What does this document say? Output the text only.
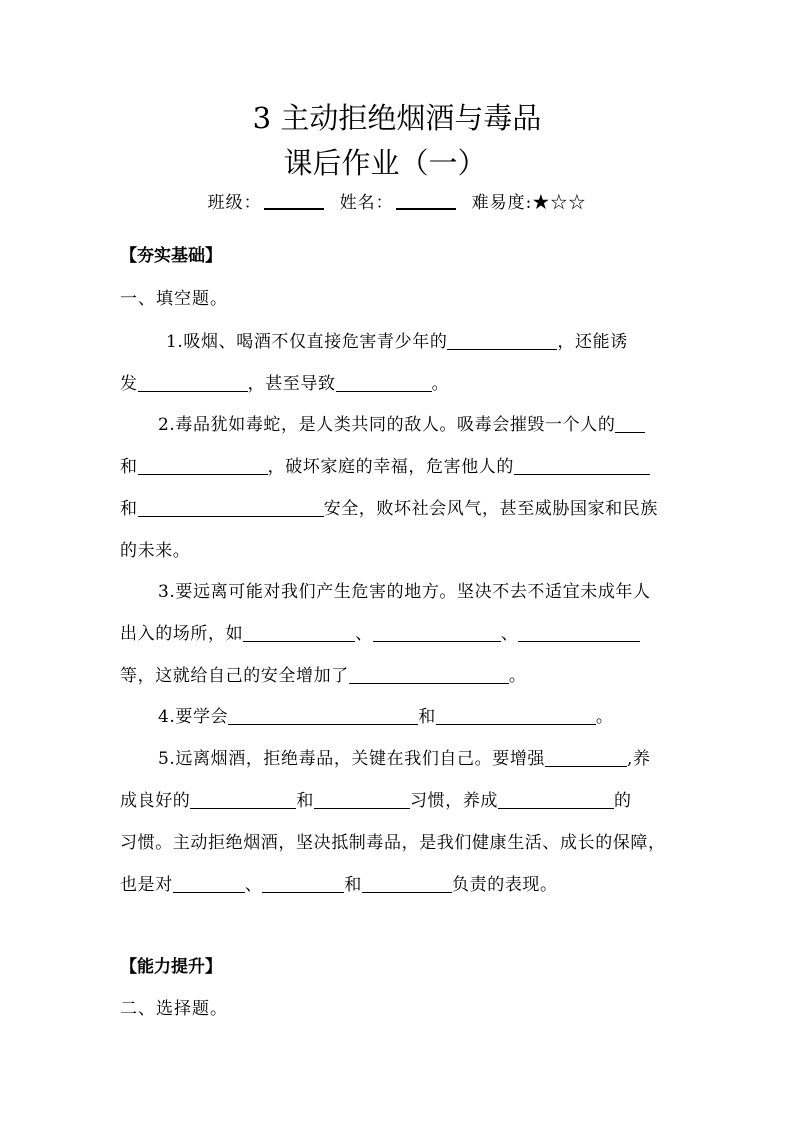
3 主动拒绝烟酒与毒品
课后作业（一）
班级：	姓名：	难易度:★☆☆
【夯实基础】
一、填空题。
1.吸烟、喝酒不仅直接危害青少年的	，还能诱
发	，甚至导致	。
2.毒品犹如毒蛇，是人类共同的敌人。吸毒会摧毁一个人的
和	，破坏家庭的幸福，危害他人的
和	安全，败坏社会风气，甚至威胁国家和民族
的未来。
3.要远离可能对我们产生危害的地方。坚决不去不适宜未成年人
出入的场所，如	、	、
等，这就给自己的安全增加了	。
4.要学会	和	。
5.远离烟酒，拒绝毒品，关键在我们自己。要增强	,养
成良好的	和	习惯，养成	的
习惯。主动拒绝烟酒，坚决抵制毒品，是我们健康生活、成长的保障，
也是对	、	和	负责的表现。
【能力提升】
二、选择题。
